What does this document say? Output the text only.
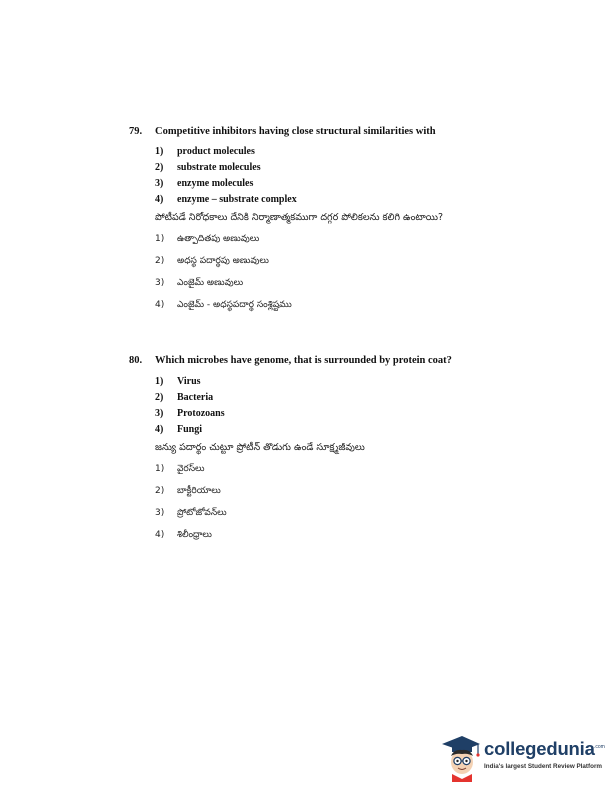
79. Competitive inhibitors having close structural similarities with
1) product molecules
2) substrate molecules
3) enzyme molecules
4) enzyme – substrate complex
పోటీపడే నిరోధకాలు దేనికి నిర్మాణాత్మకముగా దగ్గర పోలికలను కలిగి ఉంటాయి?
1) ఉత్పాదితపు అణువులు
2) అధస్థ పదార్థపు అణువులు
3) ఎంజైమ్ అణువులు
4) ఎంజైమ్ - అధస్థపదార్థ సంశ్లిష్టము
80. Which microbes have genome, that is surrounded by protein coat?
1) Virus
2) Bacteria
3) Protozoans
4) Fungi
జన్యు పదార్థం చుట్టూ ప్రోటీన్ తొడుగు ఉండే సూక్ష్మజీవులు
1) వైరస్‌లు
2) బాక్టీరియాలు
3) ప్రోటోజోవన్‌లు
4) శిలీంధ్రాలు
collegedunia .com
India's largest Student Review Platform
